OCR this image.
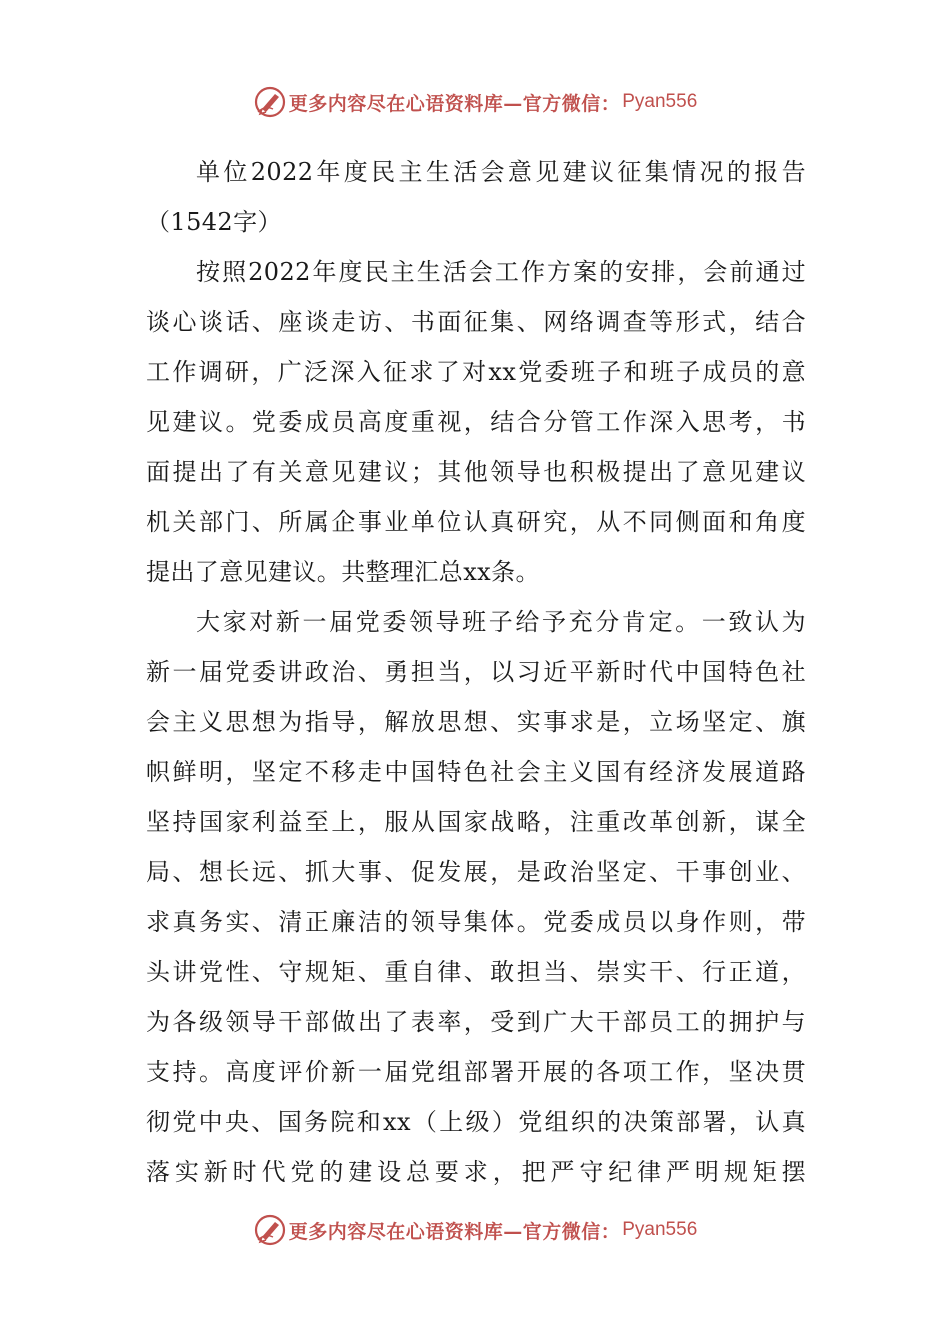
更多内容尽在心语资料库—官方微信： Pyan556
单位2022年度民主生活会意见建议征集情况的报告
（1542字）
按照2022年度民主生活会工作方案的安排，会前通过
谈心谈话、座谈走访、书面征集、网络调查等形式，结合
工作调研，广泛深入征求了对xx党委班子和班子成员的意
见建议。党委成员高度重视，结合分管工作深入思考，书
面提出了有关意见建议；其他领导也积极提出了意见建议
机关部门、所属企事业单位认真研究，从不同侧面和角度
提出了意见建议。共整理汇总xx条。
大家对新一届党委领导班子给予充分肯定。一致认为
新一届党委讲政治、勇担当，以习近平新时代中国特色社
会主义思想为指导，解放思想、实事求是，立场坚定、旗
帜鲜明，坚定不移走中国特色社会主义国有经济发展道路
坚持国家利益至上，服从国家战略，注重改革创新，谋全
局、想长远、抓大事、促发展，是政治坚定、干事创业、
求真务实、清正廉洁的领导集体。党委成员以身作则，带
头讲党性、守规矩、重自律、敢担当、崇实干、行正道，
为各级领导干部做出了表率，受到广大干部员工的拥护与
支持。高度评价新一届党组部署开展的各项工作，坚决贯
彻党中央、国务院和xx（上级）党组织的决策部署，认真
落实新时代党的建设总要求，把严守纪律严明规矩摆
更多内容尽在心语资料库—官方微信： Pyan556
